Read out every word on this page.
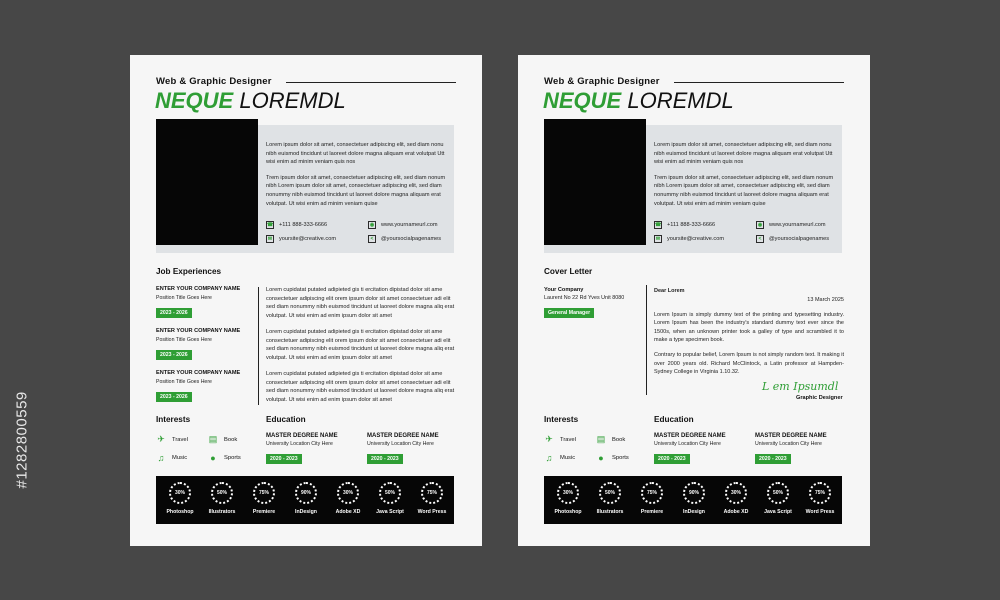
#1282800559
Web & Graphic Designer
NEQUE LOREMDL

Lorem ipsum dolor sit amet, consectetuer adipiscing elit, sed diam nonu nibh euismod tincidunt ut laoreet dolore magna aliquam erat volutpat Utt wisi enim ad minim veniam quis nos

Trem ipsum dolor sit amet, consectetuer adipiscing elit, sed diam nonum nibh Lorem ipsum dolor sit amet, consectetuer adipiscing elit, sed diam nonummy nibh euismod tincidunt ut laoreet dolore magna aliquam erat volutpat. Ut wisi enim ad minim veniam quise

☎ +111 888-333-6666	◉	www.yournameurl.com
✉	yoursite@creative.com	<	@yoursocialpagenames
Job Experiences
ENTER YOUR COMPANY NAME
Position Title Goes Here
2023 - 2026
Lorem cupidatat putated adipieted gis ti ercitation dipistad dolor sit ame consectetuer adipiscing elit orem ipsum dolor sit amet consectetuer adi elit sed diam nonummy nibh euismod tincidunt ut laoreet dolore magna aliq erat volutpat. Ut wisi enim ad enim ipsum dolor sit amet
ENTER YOUR COMPANY NAME
Position Title Goes Here
2023 - 2026
Lorem cupidatat putated adipieted gis ti ercitation dipistad dolor sit ame consectetuer adipiscing elit orem ipsum dolor sit amet consectetuer adi elit sed diam nonummy nibh euismod tincidunt ut laoreet dolore magna aliq erat volutpat. Ut wisi enim ad enim ipsum dolor sit amet
ENTER YOUR COMPANY NAME
Position Title Goes Here
2023 - 2026
Lorem cupidatat putated adipieted gis ti ercitation dipistad dolor sit ame consectetuer adipiscing elit orem ipsum dolor sit amet consectetuer adi elit sed diam nonummy nibh euismod tincidunt ut laoreet dolore magna aliq erat volutpat. Ut wisi enim ad enim ipsum dolor sit amet
Interests
✈ Travel ▤ Book
♫ Music	●	Sports
Education
MASTER DEGREE NAME
University Location City Here
2020 - 2023
MASTER DEGREE NAME
University Location City Here
2020 - 2023
30%
Photoshop
50%
Illustrators
75%
Premiere
90%
InDesign
30%
Adobe XD
50%
Java Script
75%
Word Press
Web & Graphic Designer
NEQUE LOREMDL

Lorem ipsum dolor sit amet, consectetuer adipiscing elit, sed diam nonu nibh euismod tincidunt ut laoreet dolore magna aliquam erat volutpat Utt wisi enim ad minim veniam quis nos

Trem ipsum dolor sit amet, consectetuer adipiscing elit, sed diam nonum nibh Lorem ipsum dolor sit amet, consectetuer adipiscing elit, sed diam nonummy nibh euismod tincidunt ut laoreet dolore magna aliquam erat volutpat. Ut wisi enim ad minim veniam quise

☎ +111 888-333-6666	◉	www.yournameurl.com
✉	yoursite@creative.com	<	@yoursocialpagenames
Cover Letter
Your Company
Laurent No 22 Rd Yves Unit 8080
General Manager
Dear Lorem
13 March 2025

Lorem Ipsum is simply dummy text of the printing and typesetting industry. Lorem Ipsum has been the industry's standard dummy text ever since the 1500s, when an unknown printer took a galley of type and scrambled it to make a type specimen book.

Contrary to popular belief, Lorem Ipsum is not simply random text. It making it over 2000 years old. Richard McClintock, a Latin professor at Hampden-Sydney College in Virginia 1.10.32.

L em Ipsumdl
Graphic Designer
Interests
✈ Travel ▤ Book
♫ Music	●	Sports
Education
MASTER DEGREE NAME
University Location City Here
2020 - 2023
MASTER DEGREE NAME
University Location City Here
2020 - 2023
30%
Photoshop
50%
Illustrators
75%
Premiere
90%
InDesign
30%
Adobe XD
50%
Java Script
75%
Word Press
